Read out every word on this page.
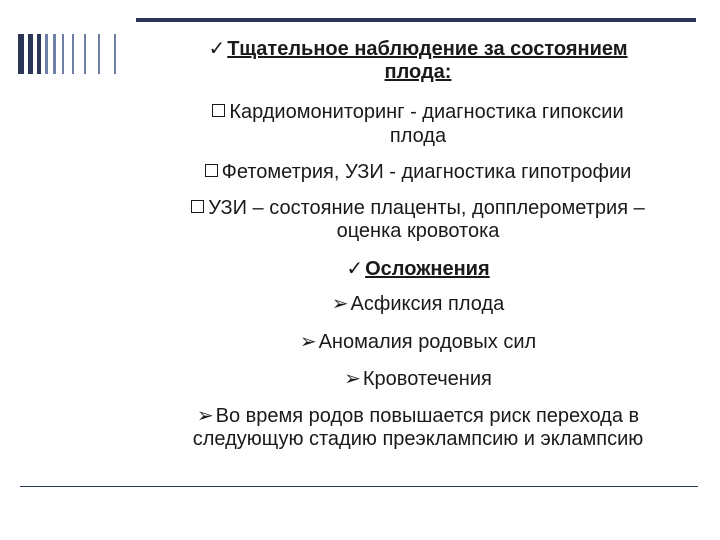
✓ Тщательное наблюдение за состоянием
плода:
Кардиомониторинг - диагностика гипоксии
плода
Фетометрия, УЗИ - диагностика гипотрофии
УЗИ – состояние плаценты, допплерометрия –
оценка кровотока
✓ Осложнения
➢ Асфиксия плода
➢ Аномалия родовых сил
➢ Кровотечения
➢ Во время родов повышается риск перехода в
следующую стадию преэклампсию и эклампсию
